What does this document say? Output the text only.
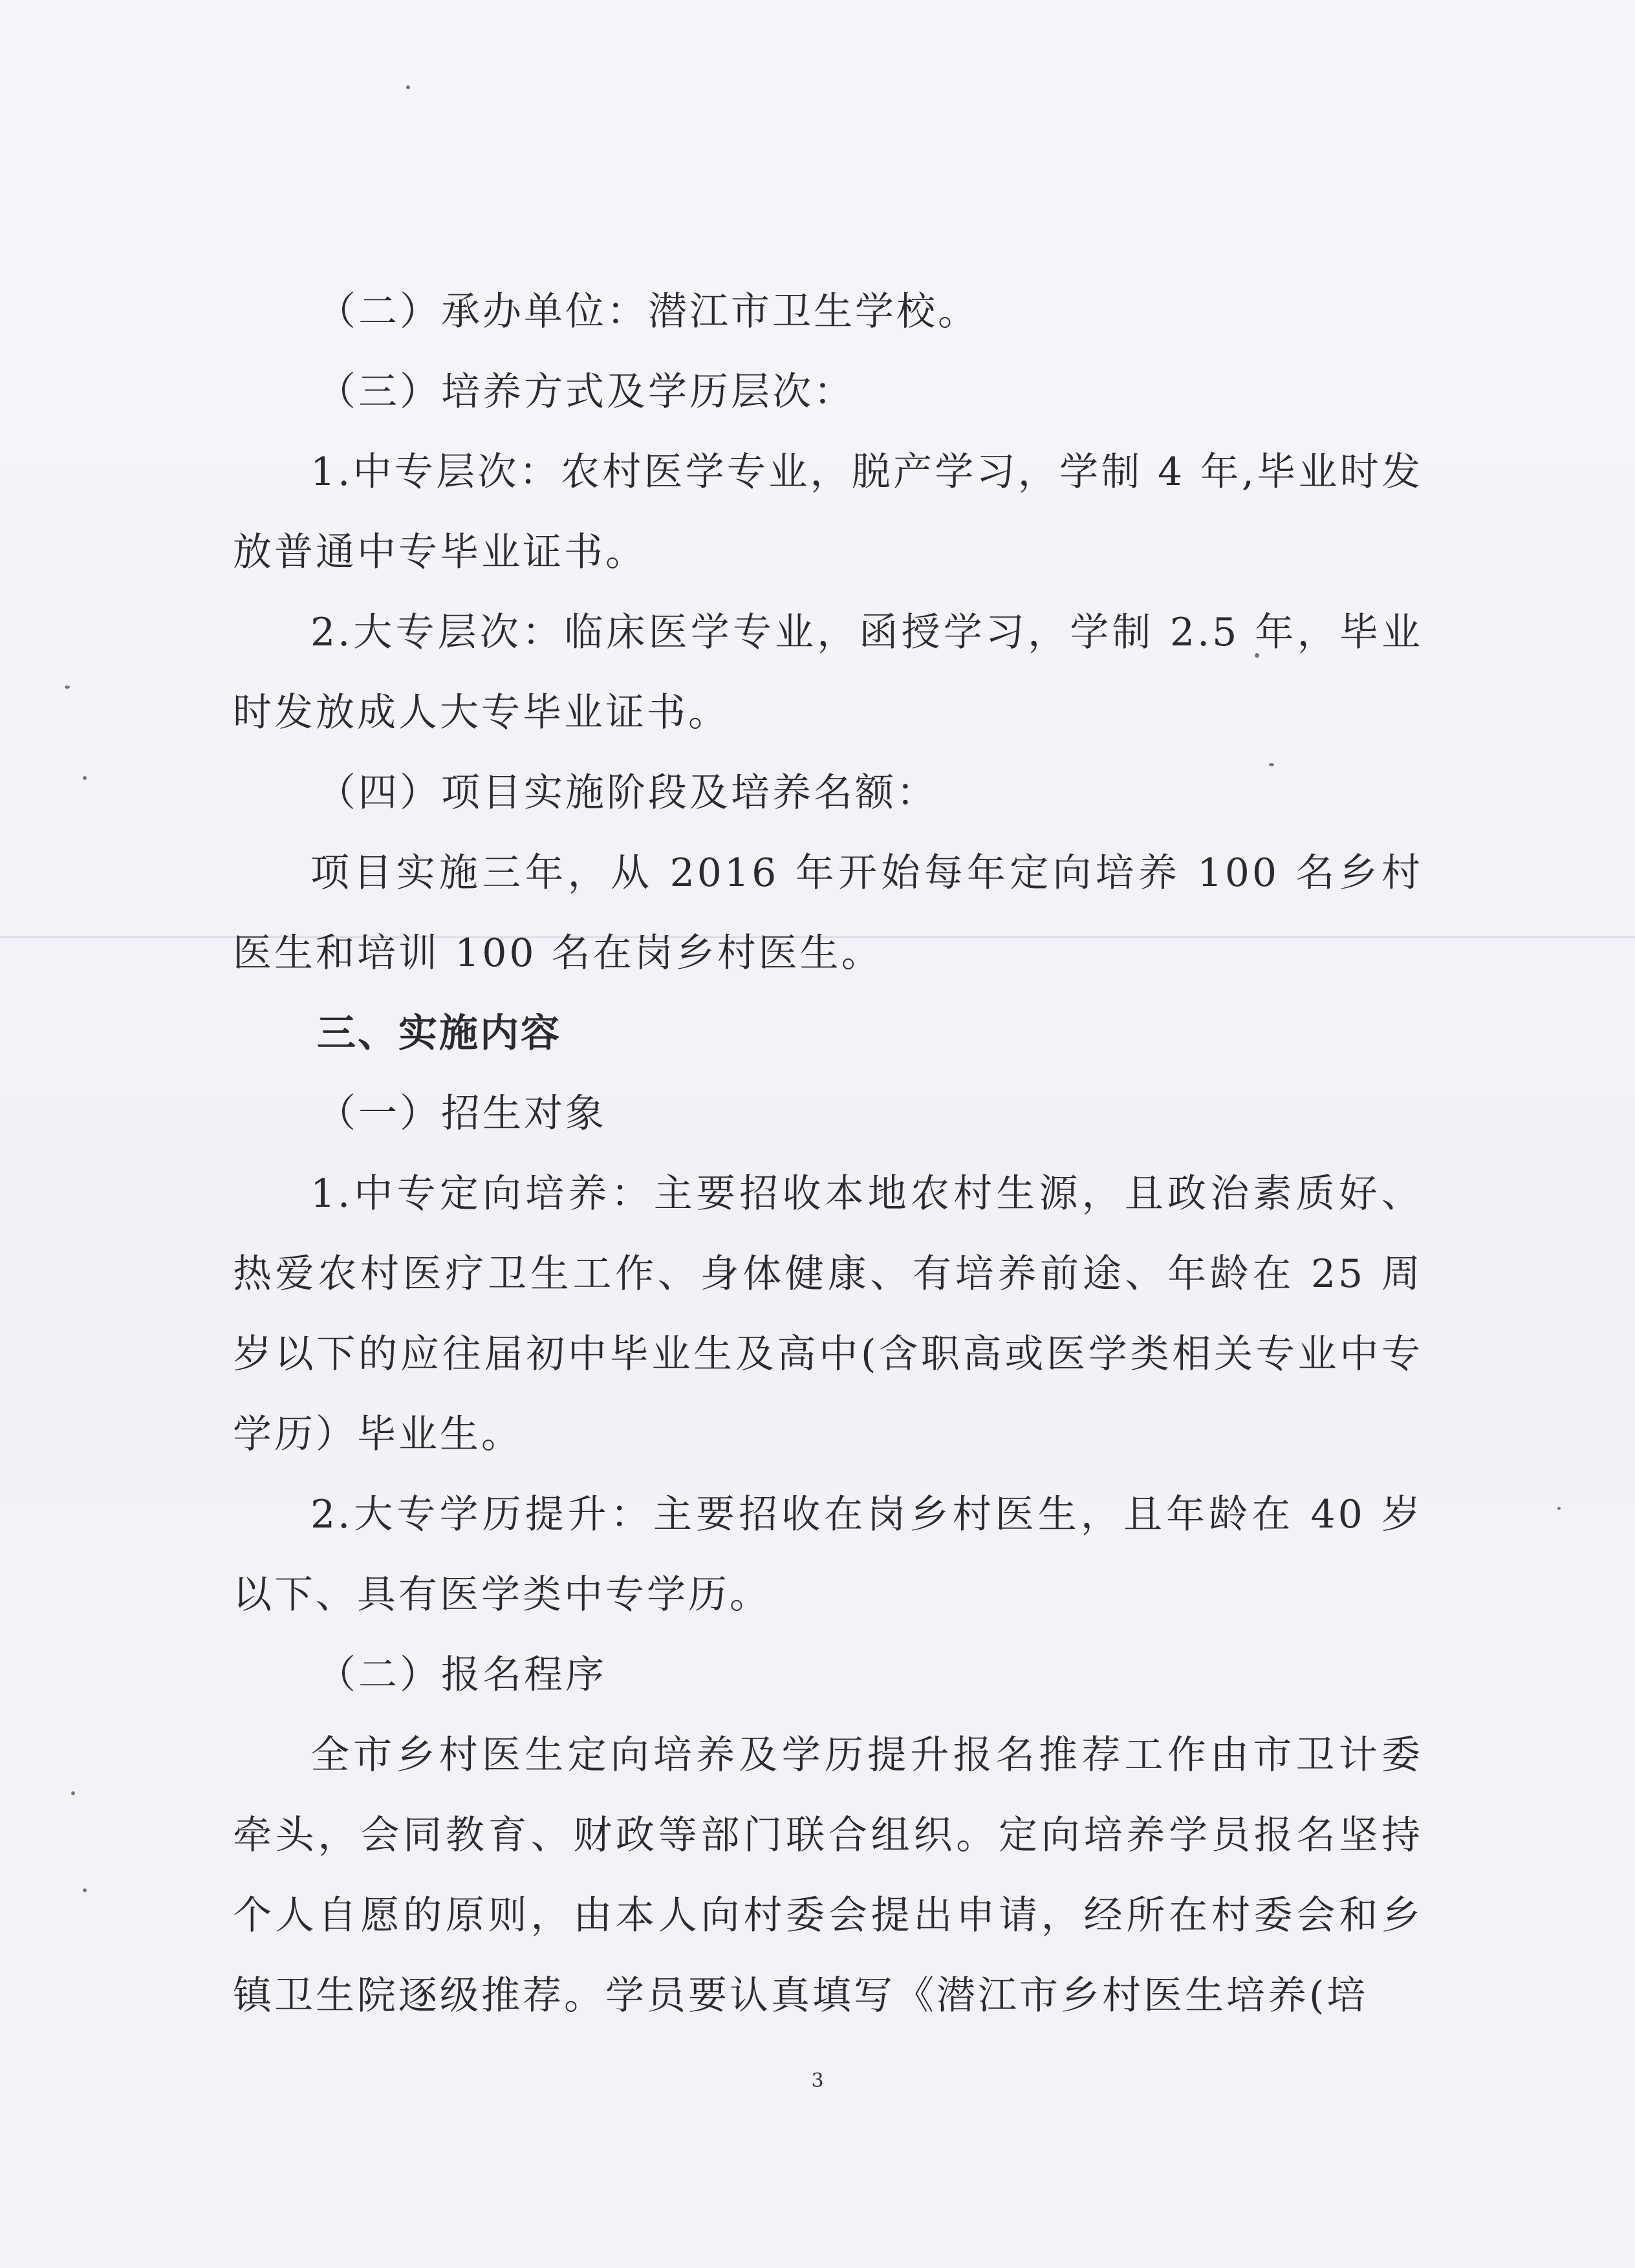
（二）承办单位：潜江市卫生学校。

（三）培养方式及学历层次：

1.中专层次：农村医学专业，脱产学习，学制 4 年,毕业时发放普通中专毕业证书。

2.大专层次：临床医学专业，函授学习，学制 2.5 年，毕业时发放成人大专毕业证书。

（四）项目实施阶段及培养名额：

项目实施三年，从 2016 年开始每年定向培养 100 名乡村医生和培训 100 名在岗乡村医生。

三、实施内容

（一）招生对象

1.中专定向培养：主要招收本地农村生源，且政治素质好、热爱农村医疗卫生工作、身体健康、有培养前途、年龄在 25 周岁以下的应往届初中毕业生及高中(含职高或医学类相关专业中专学历）毕业生。

2.大专学历提升：主要招收在岗乡村医生，且年龄在 40 岁以下、具有医学类中专学历。

（二）报名程序

全市乡村医生定向培养及学历提升报名推荐工作由市卫计委牵头，会同教育、财政等部门联合组织。定向培养学员报名坚持个人自愿的原则，由本人向村委会提出申请，经所在村委会和乡镇卫生院逐级推荐。学员要认真填写《潜江市乡村医生培养(培

3
